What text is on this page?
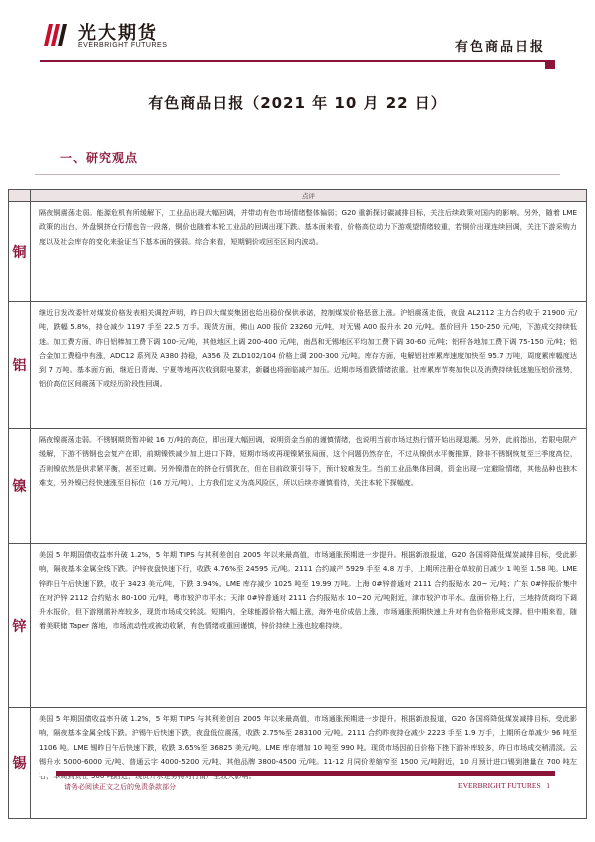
光大期货
EVERBRIGHT FUTURES	有色商品日报
有色商品日报（2021 年 10 月 22 日）
一、研究观点
点评
铜
隔夜铜震荡走弱。能源危机有所缓解下，工业品出现大幅回调，并带动有色市场情绪整体偏弱；G20 重新探讨碳减排目标，关注后续政策对国内的影响。另外，随着 LME 政策的出台，外盘铜挤仓行情也告一段落，铜价也随着本轮工业品的回调出现下跌。基本面来看，价格高位动力下游观望情绪较重，若铜价出现连续回调，关注下游采购力度以及社会库存的变化来验证当下基本面的强弱。综合来看，短期铜价或回至区间内波动。
铝
继近日发改委针对煤炭价格发表相关调控声明，昨日四大煤炭集团也给出稳价保供承诺，控制煤炭价格恶意上涨。沪铝震荡走低，夜盘 AL2112 主力合约收于 21900 元/吨，跌幅 5.8%，持仓减少 1197 手至 22.5 万手。现货方面，佛山 A00 报价 23260 元/吨，对无锡 A00 报升水 20 元/吨。基价回升 150-250 元/吨，下游成交持续低迷。加工费方面，昨日铝棒加工费下调 100-元/吨，其他地区上调 200-400 元/吨，南昌和无锡地区平均加工费下调 30-60 元/吨；铝杆各地加工费下调 75-150 元/吨；铝合金加工费稳中有涨，ADC12 系列及 A380 持稳，A356 及 ZLD102/104 价格上调 200-300 元/吨。库存方面，电解铝社库累库速度加快至 95.7 万吨，周度累库幅度达到 7 万吨。基本面方面，继近日青海、宁夏等地再次收到限电要求，新疆也将面临减产加压。近期市场看跌情绪浓重。社库累库节奏加快以及消费持续低迷施压铝价涨势，铝价高位区间震荡下或经历阶段性回调。
镍
隔夜镍震荡走弱。不锈钢期货暂冲破 16 万/吨的高位，即出现大幅回调，说明资金当前的谨慎情绪，也说明当前市场过热行情开始出现退潮。另外，此前指出，若限电限产缓解，下游不锈钢也会复产在即，前期镍铁减少加上进口下降，短期市场或再现镍紧张局面，这个问题仍然存在，不过从镍供水平衡推算，除非不锈钢恢复至三季度高位，否则镍依然是供求紧平衡，甚至过剩。另外镍潜在的挤仓行情犹在，但在目前政策引导下，预计较难发生。当前工业品集体回调，资金出现一定避险情绪，其他品种也独木难支，另外镍已经快速涨至目标位（16 万元/吨），上方我们定义为高风险区，所以后续亦谨慎看待，关注本轮下探幅度。
锌
美国 5 年期国债收益率升破 1.2%，5 年期 TIPS 与其利差创自 2005 年以来最高值，市场通胀预期进一步提升。根据新浪报道，G20 各国将降低煤炭减排目标，受此影响，隔夜基本金属全线下跌。沪锌夜盘快速下行，收跌 4.76%至 24595 元/吨。2111 合约减产 5929 手至 4.8 万手，上期所注册仓单较前日减少 1 吨至 1.58 吨。LME 锌昨日午后快速下跌，收于 3423 美元/吨，下跌 3.94%。LME 库存减少 1025 吨至 19.99 万吨。上海 0#锌普通对 2111 合约报贴水 20~ 元/吨；广东 0#锌报价集中在对沪锌 2112 合约贴水 80-100 元/吨，粤市较沪市平水；天津 0#锌普通对 2111 合约报贴水 10~20 元/吨附近，津市较沪市平水。盘面价格上行，三地持货商均下调升水报价，但下游刚需补库较多，现货市场成交转淡。短期内，全球能源价格大幅上涨，海外电价成倍上涨，市场通胀预期快速上升对有色价格形成支撑。但中期来看，随着美联储 Taper 落地，市场流动性或被动收紧，有色情绪或重回谨慎，锌价持续上涨也较难持续。
锡
美国 5 年期国债收益率升破 1.2%，5 年期 TIPS 与其利差创自 2005 年以来最高值，市场通胀预期进一步提升。根据新浪报道，G20 各国将降低煤炭减排目标，受此影响，隔夜基本金属全线下跌。沪锡午后快速下跌，夜盘低位震荡，收跌 2.75%至 283100 元/吨。2111 合约昨夜持仓减少 2223 手至 1.9 万手，上期所仓单减少 96 吨至 1106 吨。LME 锡昨日午后快速下跌，收跌 3.65%至 36825 美元/吨。LME 库存增加 10 吨至 990 吨。现货市场因前日价格下挫下游补库较多，昨日市场成交稍清淡。云锡升水 5000-6000 元/吨、普通云字 4000-5200 元/吨、其他品牌 3800-4500 元/吨。11-12 月同价差缩窄至 1500 元/吨附近，10 月预计进口锡到港量在 700 吨左
请务必阅读正文之后的免责条款部分	EVERBRIGHT FUTURES 1
